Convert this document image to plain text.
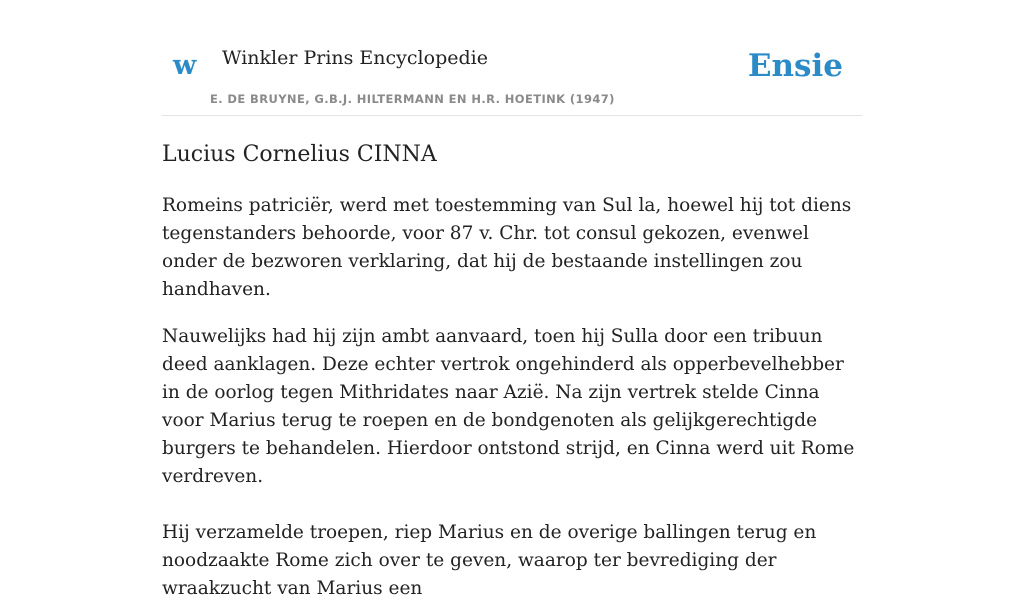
w Winkler Prins Encyclopedie
E. DE BRUYNE, G.B.J. HILTERMANN EN H.R. HOETINK (1947)
Ensie
Lucius Cornelius CINNA

Romeins patriciër, werd met toestemming van Sul la, hoewel hij tot diens tegenstanders behoorde, voor 87 v. Chr. tot consul gekozen, evenwel onder de bezworen verklaring, dat hij de bestaande instellingen zou handhaven.

Nauwelijks had hij zijn ambt aanvaard, toen hij Sulla door een tribuun deed aanklagen. Deze echter vertrok ongehinderd als opperbevelhebber in de oorlog tegen Mithridates naar Azië. Na zijn vertrek stelde Cinna voor Marius terug te roepen en de bondgenoten als gelijkgerechtigde burgers te behandelen. Hierdoor ontstond strijd, en Cinna werd uit Rome verdreven.

Hij verzamelde troepen, riep Marius en de overige ballingen terug en noodzaakte Rome zich over te geven, waarop ter bevrediging der wraakzucht van Marius een
